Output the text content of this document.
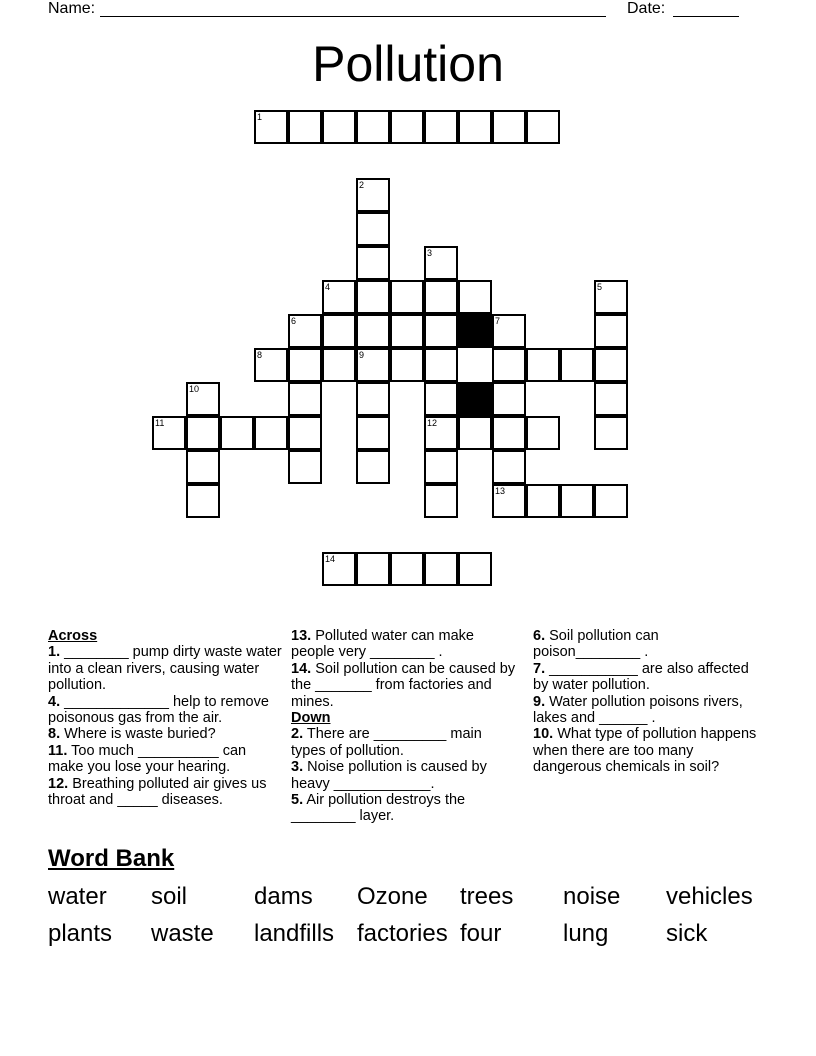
Name:	Date:
Pollution
1
2
3
4	5
6	7
8	9
10
11	12
13
14
Across

1. ________ pump dirty waste water into a clean rivers, causing water pollution.

4. _____________ help to remove poisonous gas from the air.

8. Where is waste buried?

11. Too much __________ can make you lose your hearing.

12. Breathing polluted air gives us throat and _____ diseases.

13. Polluted water can make people very ________ .

14. Soil pollution can be caused by the _______ from factories and mines.

Down

2. There are _________ main types of pollution.

3. Noise pollution is caused by heavy ____________.

5. Air pollution destroys the ________ layer.

6. Soil pollution can poison________ .

7. ___________ are also affected by water pollution.

9. Water pollution poisons rivers, lakes and ______ .

10. What type of pollution happens when there are too many dangerous chemicals in soil?

Word Bank
water soil	dams Ozone trees noise vehicles
plants waste landfills factories four	lung sick
